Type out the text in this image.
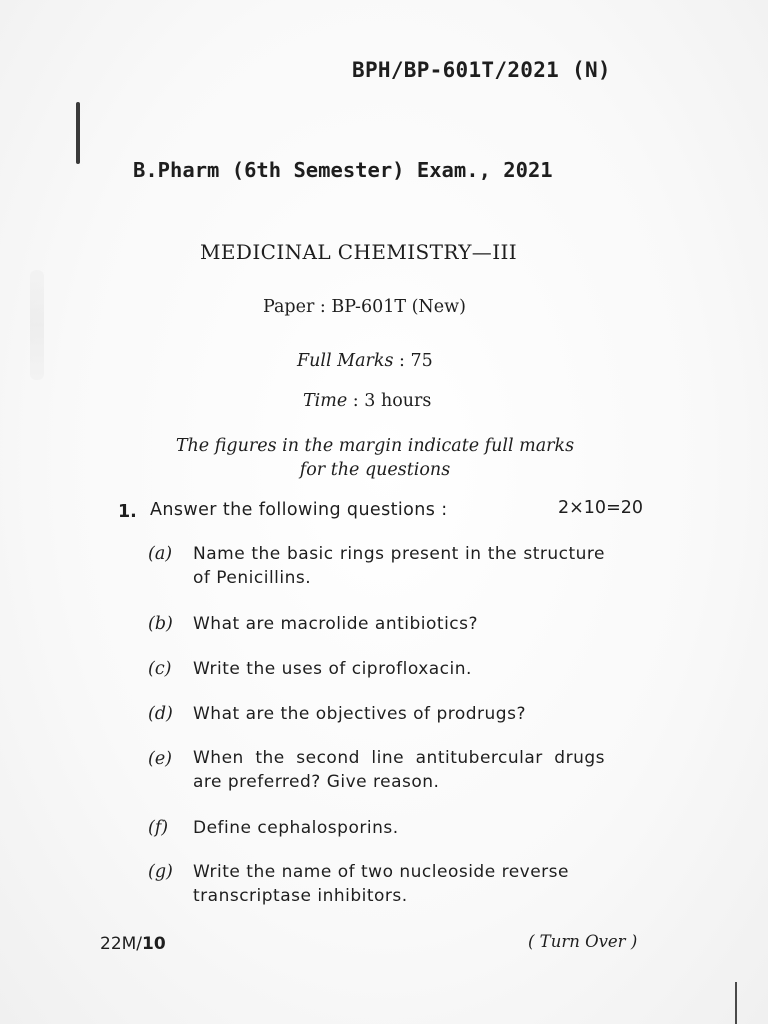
BPH/BP-601T/2021 (N)
B.Pharm (6th Semester) Exam., 2021
MEDICINAL CHEMISTRY—III
Paper : BP-601T (New)
Full Marks : 75
Time : 3 hours
The figures in the margin indicate full marks
for the questions
1. Answer the following questions :	2×10=20
(a) Name the basic rings present in the structure of Penicillins.
(b) What are macrolide antibiotics?
(c) Write the uses of ciprofloxacin.
(d) What are the objectives of prodrugs?
(e) When the second line antitubercular drugs are preferred? Give reason.
(f) Define cephalosporins.
(g) Write the name of two nucleoside reverse transcriptase inhibitors.
22M/10	( Turn Over )
